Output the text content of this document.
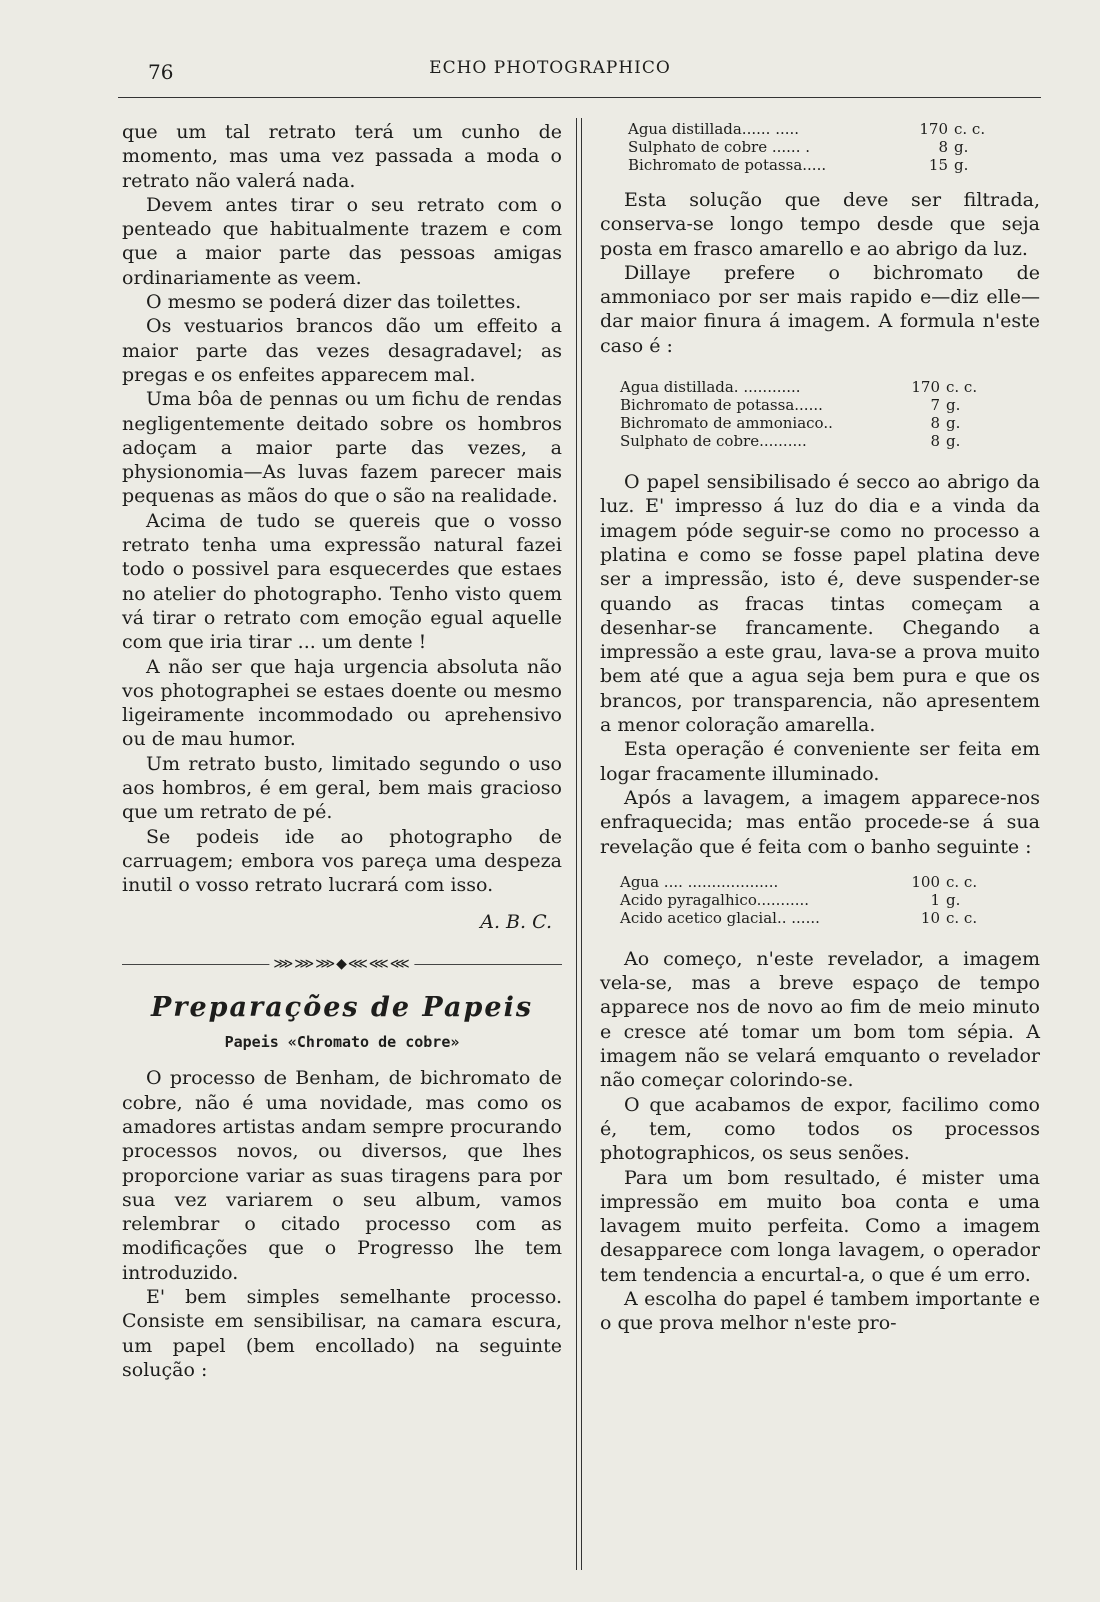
76	ECHO PHOTOGRAPHICO

que um tal retrato terá um cunho de momento, mas uma vez passada a moda o retrato não valerá nada.

Devem antes tirar o seu retrato com o penteado que habitualmente trazem e com que a maior parte das pessoas amigas ordinariamente as veem.

O mesmo se poderá dizer das toilettes.

Os vestuarios brancos dão um effeito a maior parte das vezes desagradavel; as pregas e os enfeites apparecem mal.

Uma bôa de pennas ou um fichu de rendas negligentemente deitado sobre os hombros adoçam a maior parte das vezes, a physionomia—As luvas fazem parecer mais pequenas as mãos do que o são na realidade.

Acima de tudo se quereis que o vosso retrato tenha uma expressão natural fazei todo o possivel para esquecerdes que estaes no atelier do photographo. Tenho visto quem vá tirar o retrato com emoção egual aquelle com que iria tirar ... um dente !

A não ser que haja urgencia absoluta não vos photographei se estaes doente ou mesmo ligeiramente incommodado ou aprehensivo ou de mau humor.

Um retrato busto, limitado segundo o uso aos hombros, é em geral, bem mais gracioso que um retrato de pé.

Se podeis ide ao photographo de carruagem; embora vos pareça uma despeza inutil o vosso retrato lucrará com isso.

A. B. C.
⋙⋙⋙◆⋘⋘⋘
Preparações de Papeis
Papeis «Chromato de cobre»

O processo de Benham, de bichromato de cobre, não é uma novidade, mas como os amadores artistas andam sempre procurando processos novos, ou diversos, que lhes proporcione variar as suas tiragens para por sua vez variarem o seu album, vamos relembrar o citado processo com as modificações que o Progresso lhe tem introduzido.

E' bem simples semelhante processo. Consiste em sensibilisar, na camara escura, um papel (bem encollado) na seguinte solução :

Agua distillada...... .....	170	c. c.
Sulphato de cobre ...... .	8	g.
Bichromato de potassa.....	15	g.

Esta solução que deve ser filtrada, conserva-se longo tempo desde que seja posta em frasco amarello e ao abrigo da luz.

Dillaye prefere o bichromato de ammoniaco por ser mais rapido e—diz elle—dar maior finura á imagem. A formula n'este caso é :

Agua distillada. ............	170	c. c.
Bichromato de potassa......	7	g.
Bichromato de ammoniaco..	8	g.
Sulphato de cobre..........	8	g.

O papel sensibilisado é secco ao abrigo da luz. E' impresso á luz do dia e a vinda da imagem póde seguir-se como no processo a platina e como se fosse papel platina deve ser a impressão, isto é, deve suspender-se quando as fracas tintas começam a desenhar-se francamente. Chegando a impressão a este grau, lava-se a prova muito bem até que a agua seja bem pura e que os brancos, por transparencia, não apresentem a menor coloração amarella.

Esta operação é conveniente ser feita em logar fracamente illuminado.

Após a lavagem, a imagem apparece-nos enfraquecida; mas então procede-se á sua revelação que é feita com o banho seguinte :

Agua .... ...................	100	c. c.
Acido pyragalhico...........	1	g.
Acido acetico glacial.. ......	10	c. c.

Ao começo, n'este revelador, a imagem vela-se, mas a breve espaço de tempo apparece nos de novo ao fim de meio minuto e cresce até tomar um bom tom sépia. A imagem não se velará emquanto o revelador não começar colorindo-se.

O que acabamos de expor, facilimo como é, tem, como todos os processos photographicos, os seus senões.

Para um bom resultado, é mister uma impressão em muito boa conta e uma lavagem muito perfeita. Como a imagem desapparece com longa lavagem, o operador tem tendencia a encurtal-a, o que é um erro.

A escolha do papel é tambem importante e o que prova melhor n'este pro-
